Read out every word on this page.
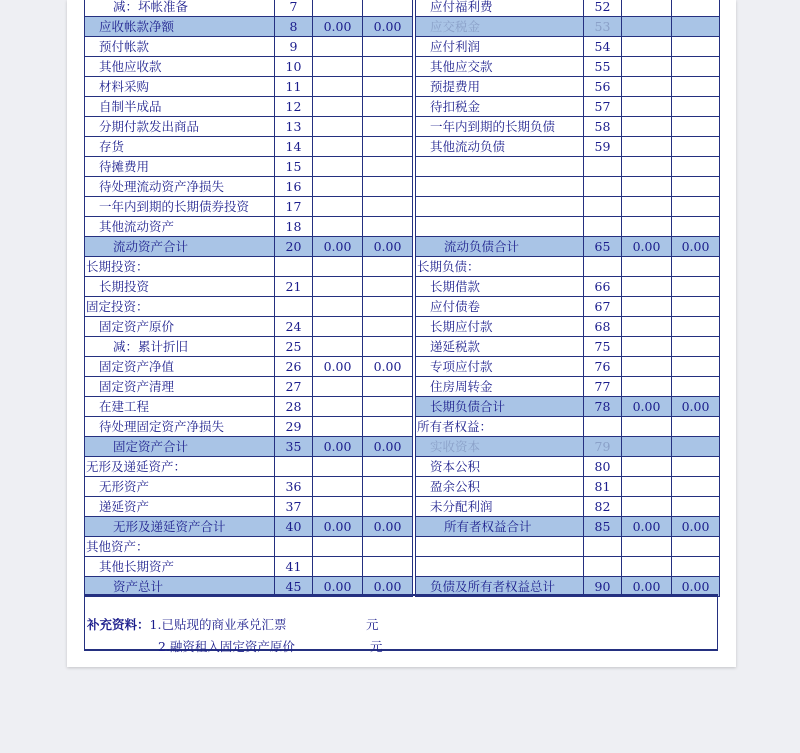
减：坏帐准备	7				应付福利费	52		
应收帐款净额	8	0.00	0.00		应交税金	53		
预付帐款	9				应付利润	54		
其他应收款	10				其他应交款	55		
材料采购	11				预提费用	56		
自制半成品	12				待扣税金	57		
分期付款发出商品	13				一年内到期的长期负债	58		
存货	14				其他流动负债	59		
待摊费用	15							
待处理流动资产净损失	16							
一年内到期的长期债券投资	17							
其他流动资产	18							
流动资产合计	20	0.00	0.00		流动负债合计	65	0.00	0.00
长期投资：					长期负债：			
长期投资	21				长期借款	66		
固定投资：					应付债卷	67		
固定资产原价	24				长期应付款	68		
减：累计折旧	25				递延税款	75		
固定资产净值	26	0.00	0.00		专项应付款	76		
固定资产清理	27				住房周转金	77		
在建工程	28				长期负债合计	78	0.00	0.00
待处理固定资产净损失	29				所有者权益：			
固定资产合计	35	0.00	0.00		实收资本	79		
无形及递延资产：					资本公积	80		
无形资产	36				盈余公积	81		
递延资产	37				未分配利润	82		
无形及递延资产合计	40	0.00	0.00		所有者权益合计	85	0.00	0.00
其他资产：								
其他长期资产	41							
资产总计	45	0.00	0.00		负债及所有者权益总计	90	0.00	0.00
补充资料：1.已贴现的商业承兑汇票	元
2.融资租入固定资产原价	元
